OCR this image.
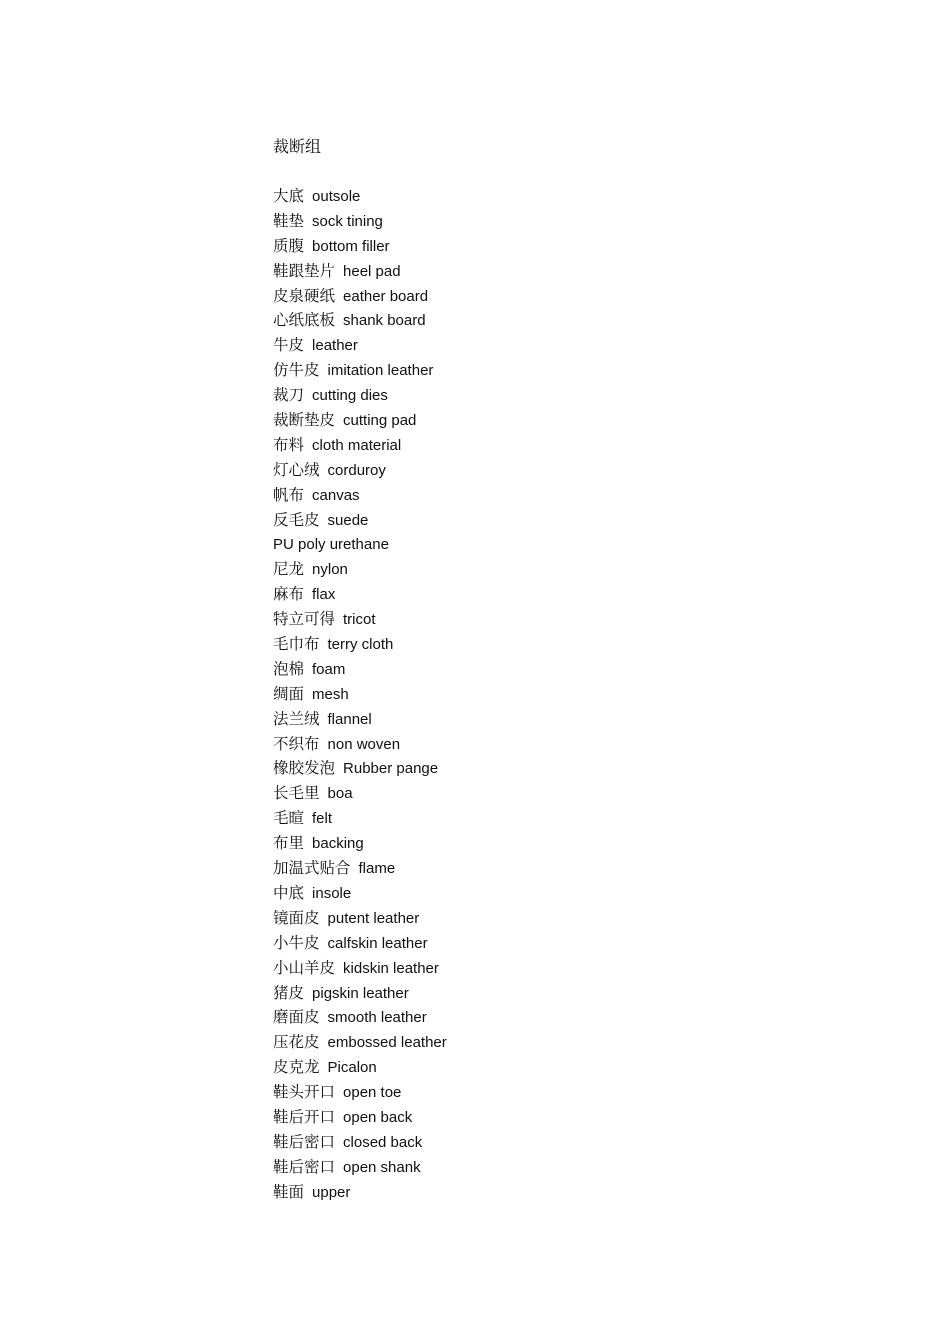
裁断组
大底 outsole
鞋垫 sock tining
质腹 bottom filler
鞋跟垫片 heel pad
皮泉硬纸 eather board
心纸底板 shank board
牛皮 leather
仿牛皮 imitation leather
裁刀 cutting dies
裁断垫皮 cutting pad
布料 cloth material
灯心绒 corduroy
帆布 canvas
反毛皮 suede
PU poly urethane
尼龙 nylon
麻布 flax
特立可得 tricot
毛巾布 terry cloth
泡棉 foam
绸面 mesh
法兰绒 flannel
不织布 non woven
橡胶发泡 Rubber pange
长毛里 boa
毛暄 felt
布里 backing
加温式贴合 flame
中底 insole
镜面皮 putent leather
小牛皮 calfskin leather
小山羊皮 kidskin leather
猪皮 pigskin leather
磨面皮 smooth leather
压花皮 embossed leather
皮克龙 Picalon
鞋头开口 open toe
鞋后开口 open back
鞋后密口 closed back
鞋后密口 open shank
鞋面 upper
